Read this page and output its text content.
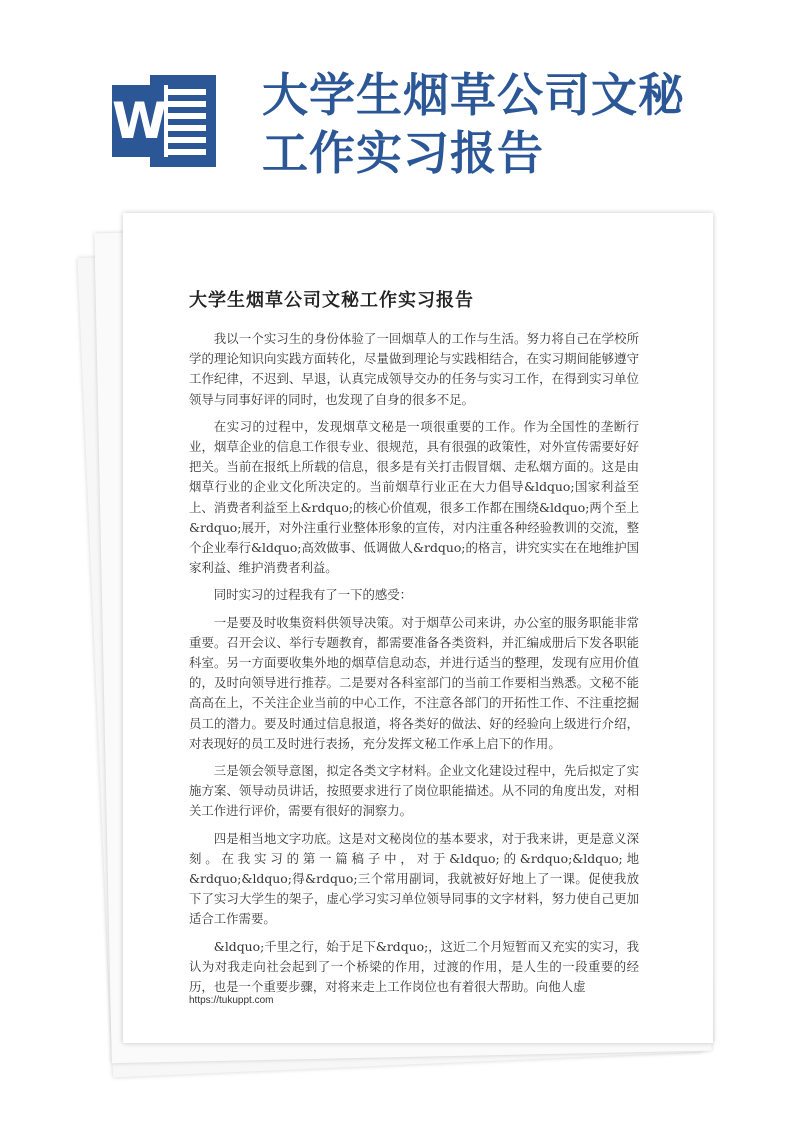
W 大学生烟草公司文秘工作实习报告
大学生烟草公司文秘工作实习报告

我以一个实习生的身份体验了一回烟草人的工作与生活。努力将自己在学校所学的理论知识向实践方面转化，尽量做到理论与实践相结合，在实习期间能够遵守工作纪律，不迟到、早退，认真完成领导交办的任务与实习工作，在得到实习单位领导与同事好评的同时，也发现了自身的很多不足。

在实习的过程中，发现烟草文秘是一项很重要的工作。作为全国性的垄断行业，烟草企业的信息工作很专业、很规范，具有很强的政策性，对外宣传需要好好把关。当前在报纸上所载的信息，很多是有关打击假冒烟、走私烟方面的。这是由烟草行业的企业文化所决定的。当前烟草行业正在大力倡导&ldquo;国家利益至上、消费者利益至上&rdquo;的核心价值观，很多工作都在围绕&ldquo;两个至上&rdquo;展开，对外注重行业整体形象的宣传，对内注重各种经验教训的交流，整个企业奉行&ldquo;高效做事、低调做人&rdquo;的格言，讲究实实在在地维护国家利益、维护消费者利益。

同时实习的过程我有了一下的感受：

一是要及时收集资料供领导决策。对于烟草公司来讲，办公室的服务职能非常重要。召开会议、举行专题教育，都需要准备各类资料，并汇编成册后下发各职能科室。另一方面要收集外地的烟草信息动态，并进行适当的整理，发现有应用价值的，及时向领导进行推荐。二是要对各科室部门的当前工作要相当熟悉。文秘不能高高在上，不关注企业当前的中心工作，不注意各部门的开拓性工作、不注重挖掘员工的潜力。要及时通过信息报道，将各类好的做法、好的经验向上级进行介绍，对表现好的员工及时进行表扬，充分发挥文秘工作承上启下的作用。

三是领会领导意图，拟定各类文字材料。企业文化建设过程中，先后拟定了实施方案、领导动员讲话，按照要求进行了岗位职能描述。从不同的角度出发，对相关工作进行评价，需要有很好的洞察力。

四是相当地文字功底。这是对文秘岗位的基本要求，对于我来讲，更是意义深刻。在我实习的第一篇稿子中，对于&ldquo;的&rdquo;&ldquo;地&rdquo;&ldquo;得&rdquo;三个常用副词，我就被好好地上了一课。促使我放下了实习大学生的架子，虚心学习实习单位领导同事的文字材料，努力使自己更加适合工作需要。

&ldquo;千里之行，始于足下&rdquo;，这近二个月短暂而又充实的实习，我认为对我走向社会起到了一个桥梁的作用，过渡的作用，是人生的一段重要的经历，也是一个重要步骤，对将来走上工作岗位也有着很大帮助。向他人虚

https://tukuppt.com
